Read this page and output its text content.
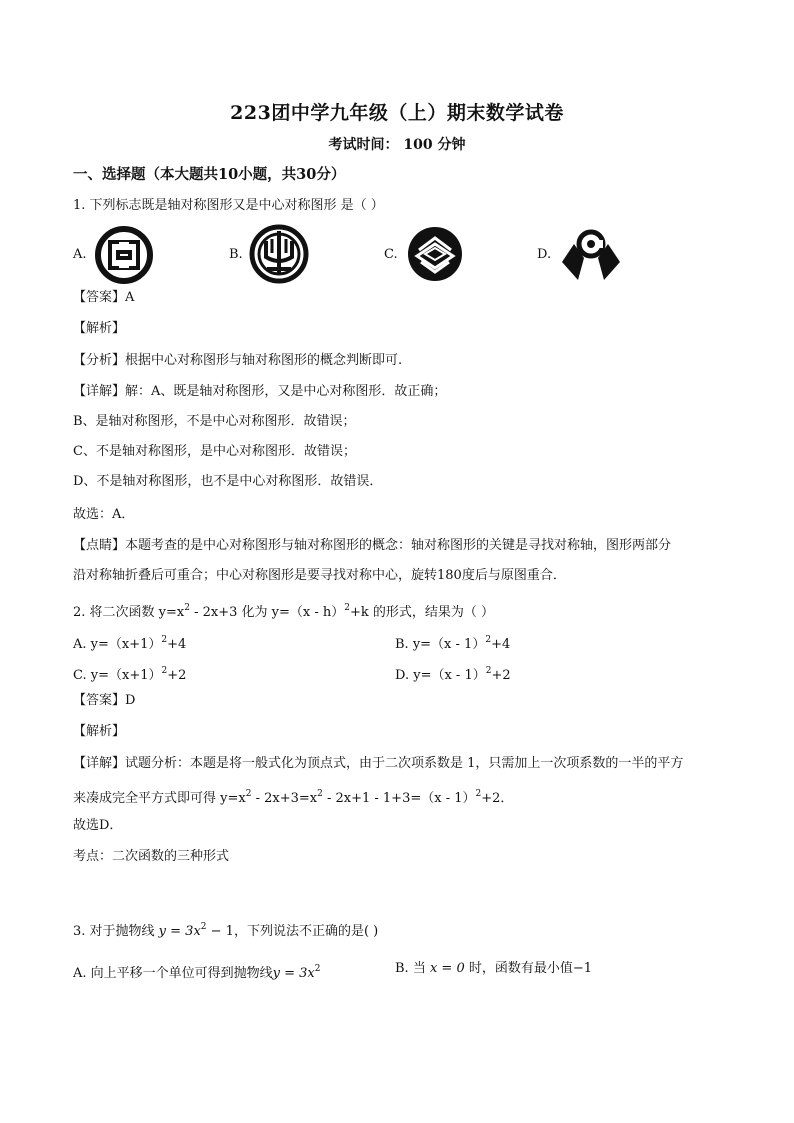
223团中学九年级（上）期末数学试卷
考试时间： 100 分钟
一、选择题（本大题共10小题，共30分）
1. 下列标志既是轴对称图形又是中心对称图形 是（ ）
A.	B.	C.	D.
【答案】A
【解析】
【分析】根据中心对称图形与轴对称图形的概念判断即可.
【详解】解：A、既是轴对称图形，又是中心对称图形．故正确；
B、是轴对称图形，不是中心对称图形．故错误；
C、不是轴对称图形，是中心对称图形．故错误；
D、不是轴对称图形，也不是中心对称图形．故错误．
故选：A．
【点睛】本题考查的是中心对称图形与轴对称图形的概念：轴对称图形的关键是寻找对称轴，图形两部分
沿对称轴折叠后可重合；中心对称图形是要寻找对称中心，旋转180度后与原图重合．
2. 将二次函数 $y=x^2 - 2x+3$ 化为 y=（x - h）$^2$+k 的形式，结果为（ ）
A. $y=(x+1)^2+4$	B. y=（x - 1）$^2$+4
C. $y=(x+1)^2+2$	D. y=（x - 1）$^2$+2
【答案】D
【解析】
【详解】试题分析：本题是将一般式化为顶点式，由于二次项系数是 1，只需加上一次项系数的一半的平方
来凑成完全平方式即可得 $y=x^2 - 2x+3=x^2 - 2x+1 - 1+3=(x - 1)^2+2$．
故选D．
考点：二次函数的三种形式
3. 对于抛物线 $y = 3x^2 - 1$，下列说法不正确的是( )
A. 向上平移一个单位可得到抛物线$y = 3x^2$	B. 当 x = 0 时，函数有最小值−1
